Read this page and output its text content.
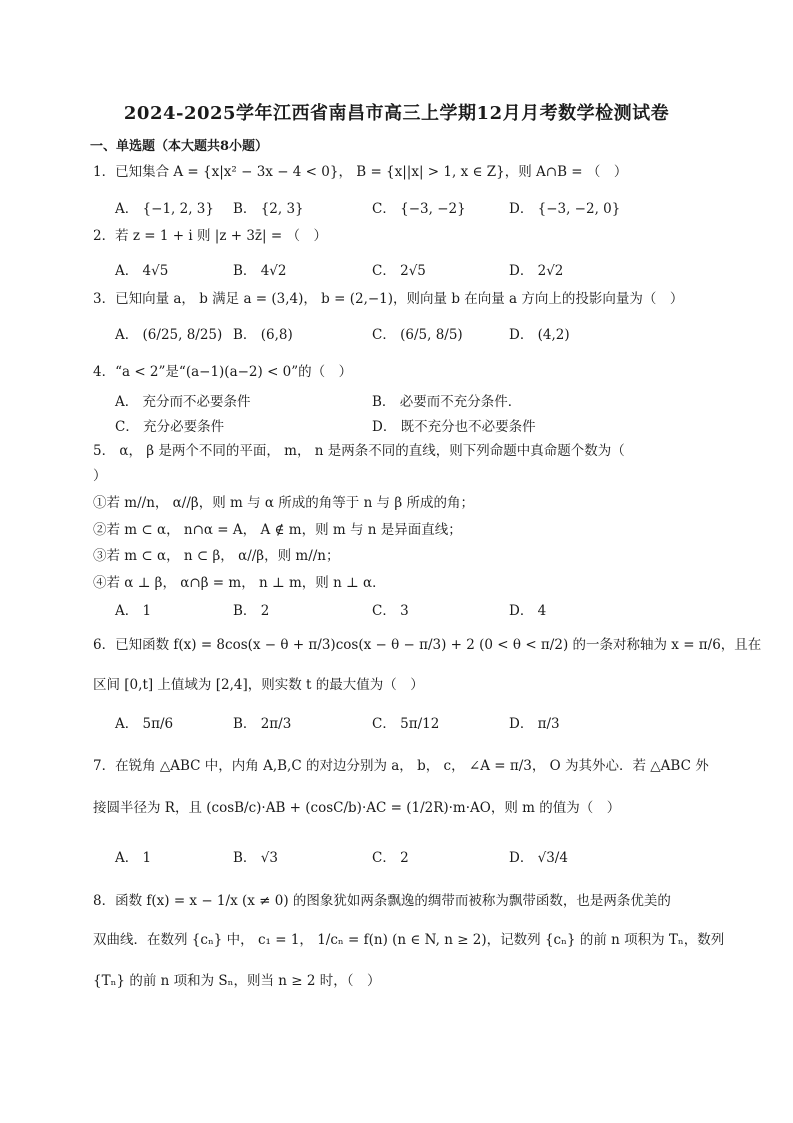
2024-2025学年江西省南昌市高三上学期12月月考数学检测试卷
一、单选题（本大题共8小题）
1．已知集合 A = {x|x² − 3x − 4 < 0}， B = {x||x| > 1, x ∈ Z}，则 A∩B = （　）
A． {−1, 2, 3} B． {2, 3}	C． {−3, −2}	D． {−3, −2, 0}
2．若 z = 1 + i 则 |z + 3z̄| = （　）
A． 4√5	B． 4√2	C． 2√5	D． 2√2
3．已知向量 a， b 满足 a = (3,4)， b = (2,−1)，则向量 b 在向量 a 方向上的投影向量为（　）
A． (6/25, 8/25) B． (6,8)	C． (6/5, 8/5)	D． (4,2)
4．“a < 2”是“(a−1)(a−2) < 0”的（　）
A． 充分而不必要条件	B． 必要而不充分条件．
C． 充分必要条件	D． 既不充分也不必要条件
5． α， β 是两个不同的平面， m， n 是两条不同的直线，则下列命题中真命题个数为（
）
①若 m//n， α//β，则 m 与 α 所成的角等于 n 与 β 所成的角；
②若 m ⊂ α， n∩α = A， A ∉ m，则 m 与 n 是异面直线；
③若 m ⊂ α， n ⊂ β， α//β，则 m//n；
④若 α ⊥ β， α∩β = m， n ⊥ m，则 n ⊥ α．
A． 1	B． 2	C． 3	D． 4
6．已知函数 f(x) = 8cos(x − θ + π/3)cos(x − θ − π/3) + 2 (0 < θ < π/2) 的一条对称轴为 x = π/6，且在
区间 [0,t] 上值域为 [2,4]，则实数 t 的最大值为（　）
A． 5π/6	B． 2π/3	C． 5π/12	D． π/3
7．在锐角 △ABC 中，内角 A,B,C 的对边分别为 a， b， c， ∠A = π/3， O 为其外心．若 △ABC 外
接圆半径为 R，且 (cosB/c)·AB + (cosC/b)·AC = (1/2R)·m·AO，则 m 的值为（　）
A． 1	B． √3	C． 2	D． √3/4
8．函数 f(x) = x − 1/x (x ≠ 0) 的图象犹如两条飘逸的绸带而被称为飘带函数，也是两条优美的
双曲线．在数列 {cₙ} 中， c₁ = 1， 1/cₙ = f(n) (n ∈ N, n ≥ 2)，记数列 {cₙ} 的前 n 项积为 Tₙ，数列
{Tₙ} 的前 n 项和为 Sₙ，则当 n ≥ 2 时，（　）
